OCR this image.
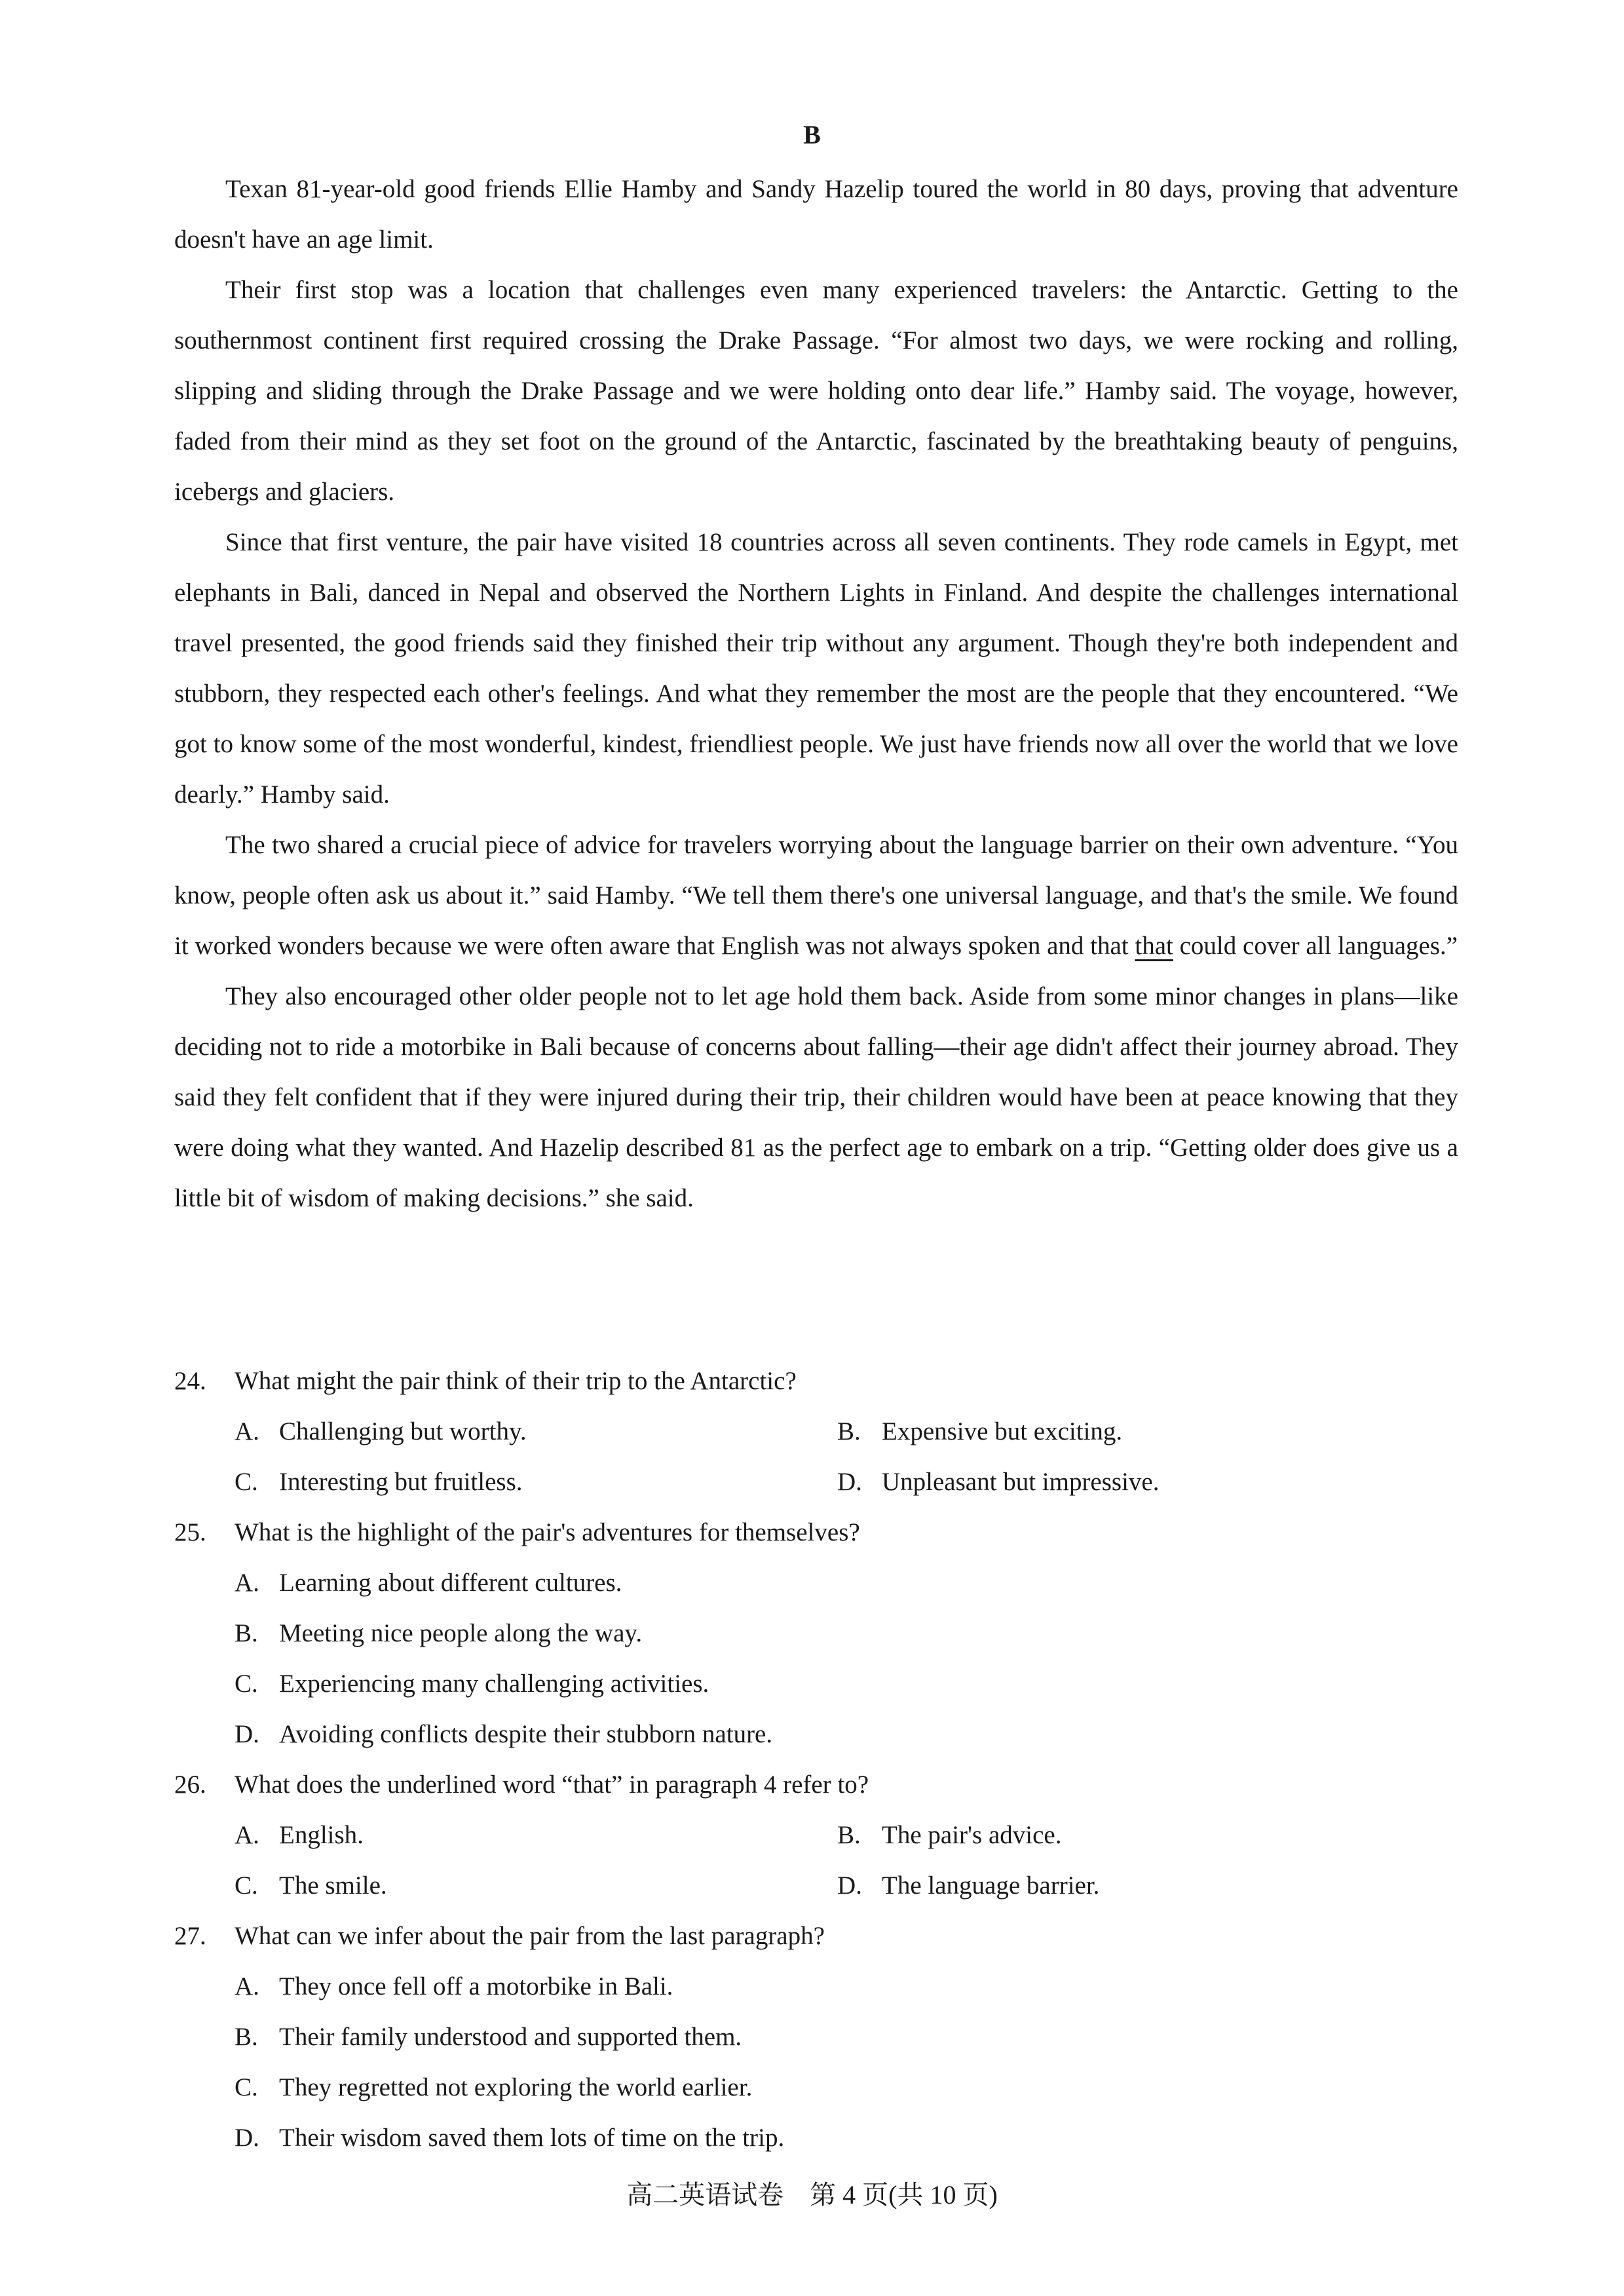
B

Texan 81-year-old good friends Ellie Hamby and Sandy Hazelip toured the world in 80 days, proving that adventure doesn't have an age limit.

Their first stop was a location that challenges even many experienced travelers: the Antarctic. Getting to the southernmost continent first required crossing the Drake Passage. “For almost two days, we were rocking and rolling, slipping and sliding through the Drake Passage and we were holding onto dear life.” Hamby said. The voyage, however, faded from their mind as they set foot on the ground of the Antarctic, fascinated by the breathtaking beauty of penguins, icebergs and glaciers.

Since that first venture, the pair have visited 18 countries across all seven continents. They rode camels in Egypt, met elephants in Bali, danced in Nepal and observed the Northern Lights in Finland. And despite the challenges international travel presented, the good friends said they finished their trip without any argument. Though they're both independent and stubborn, they respected each other's feelings. And what they remember the most are the people that they encountered. “We got to know some of the most wonderful, kindest, friendliest people. We just have friends now all over the world that we love dearly.” Hamby said.

The two shared a crucial piece of advice for travelers worrying about the language barrier on their own adventure. “You know, people often ask us about it.” said Hamby. “We tell them there's one universal language, and that's the smile. We found it worked wonders because we were often aware that English was not always spoken and that that could cover all languages.”

They also encouraged other older people not to let age hold them back. Aside from some minor changes in plans—like deciding not to ride a motorbike in Bali because of concerns about falling—their age didn't affect their journey abroad. They said they felt confident that if they were injured during their trip, their children would have been at peace knowing that they were doing what they wanted. And Hazelip described 81 as the perfect age to embark on a trip. “Getting older does give us a little bit of wisdom of making decisions.” she said.

24. What might the pair think of their trip to the Antarctic?
A. Challenging but worthy.	B. Expensive but exciting.
C. Interesting but fruitless.	D. Unpleasant but impressive.
25. What is the highlight of the pair's adventures for themselves?
A. Learning about different cultures.
B. Meeting nice people along the way.
C. Experiencing many challenging activities.
D. Avoiding conflicts despite their stubborn nature.
26. What does the underlined word “that” in paragraph 4 refer to?
A. English.	B. The pair's advice.
C. The smile.	D. The language barrier.
27. What can we infer about the pair from the last paragraph?
A. They once fell off a motorbike in Bali.
B. Their family understood and supported them.
C. They regretted not exploring the world earlier.
D. Their wisdom saved them lots of time on the trip.
高二英语试卷　第 4 页(共 10 页)
